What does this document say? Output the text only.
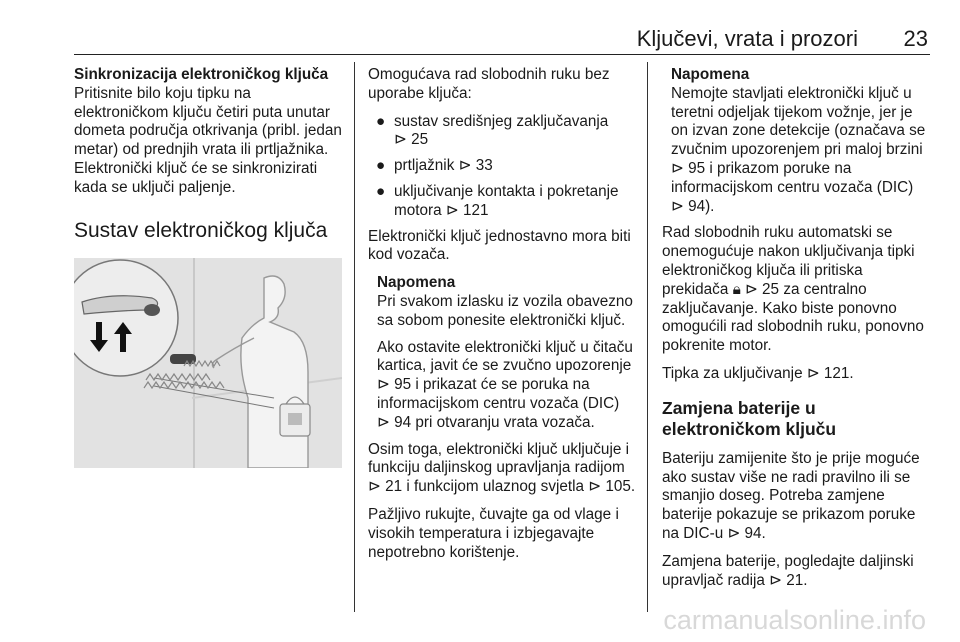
Ključevi, vrata i prozori 23
Sinkronizacija elektroničkog ključa

Pritisnite bilo koju tipku na elektroničkom ključu četiri puta unutar dometa područja otkrivanja (pribl. jedan metar) od prednjih vrata ili prtljažnika. Elektronički ključ će se sinkronizirati kada se uključi paljenje.

Sustav elektroničkog ključa

Omogućava rad slobodnih ruku bez uporabe ključa:

● sustav središnjeg zaključavanja
⊳ 25
● prtljažnik ⊳ 33
● uključivanje kontakta i pokretanje motora ⊳ 121

Elektronički ključ jednostavno mora biti kod vozača.

Napomena

Pri svakom izlasku iz vozila obavezno sa sobom ponesite elektronički ključ.

Ako ostavite elektronički ključ u čitaču kartica, javit će se zvučno upozorenje ⊳ 95 i prikazat će se poruka na informacijskom centru vozača (DIC) ⊳ 94 pri otvaranju vrata vozača.

Osim toga, elektronički ključ uključuje i funkciju daljinskog upravljanja radijom ⊳ 21 i funkcijom ulaznog svjetla ⊳ 105.

Pažljivo rukujte, čuvajte ga od vlage i visokih temperatura i izbjegavajte nepotrebno korištenje.

Napomena

Nemojte stavljati elektronički ključ u teretni odjeljak tijekom vožnje, jer je on izvan zone detekcije (označava se zvučnim upozorenjem pri maloj brzini ⊳ 95 i prikazom poruke na informacijskom centru vozača (DIC) ⊳ 94).

Rad slobodnih ruku automatski se onemogućuje nakon uključivanja tipki elektroničkog ključa ili pritiska prekidača 🔒︎ ⊳ 25 za centralno zaključavanje. Kako biste ponovno omogućili rad slobodnih ruku, ponovno pokrenite motor.

Tipka za uključivanje ⊳ 121.

Zamjena baterije u elektroničkom ključu

Bateriju zamijenite što je prije moguće ako sustav više ne radi pravilno ili se smanjio doseg. Potreba zamjene baterije pokazuje se prikazom poruke na DIC-u ⊳ 94.

Zamjena baterije, pogledajte daljinski upravljač radija ⊳ 21.

carmanualsonline.info
